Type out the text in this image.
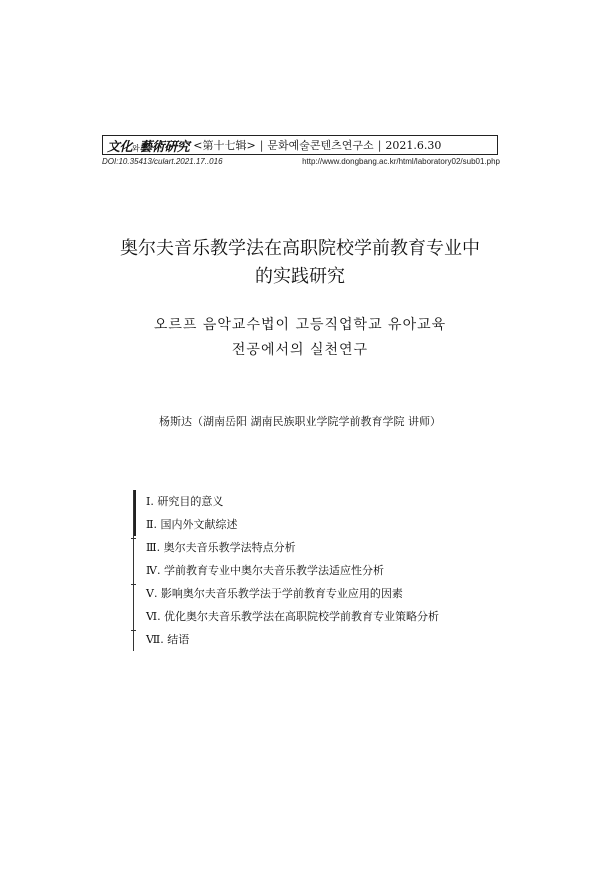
文化와藝術硏究 <第十七辑> | 문화예술콘텐츠연구소 | 2021.6.30
DOI:10.35413/culart.2021.17..016	http://www.dongbang.ac.kr/html/laboratory02/sub01.php
奥尔夫音乐教学法在高职院校学前教育专业中
的实践研究
오르프 음악교수법이 고등직업학교 유아교육
전공에서의 실천연구
杨斯达（湖南岳阳 湖南民族职业学院学前教育学院 讲师）
Ⅰ. 研究目的意义
Ⅱ. 国内外文献综述
Ⅲ. 奥尔夫音乐教学法特点分析
Ⅳ. 学前教育专业中奥尔夫音乐教学法适应性分析
Ⅴ. 影响奥尔夫音乐教学法于学前教育专业应用的因素
Ⅵ. 优化奥尔夫音乐教学法在高职院校学前教育专业策略分析
Ⅶ. 结语
